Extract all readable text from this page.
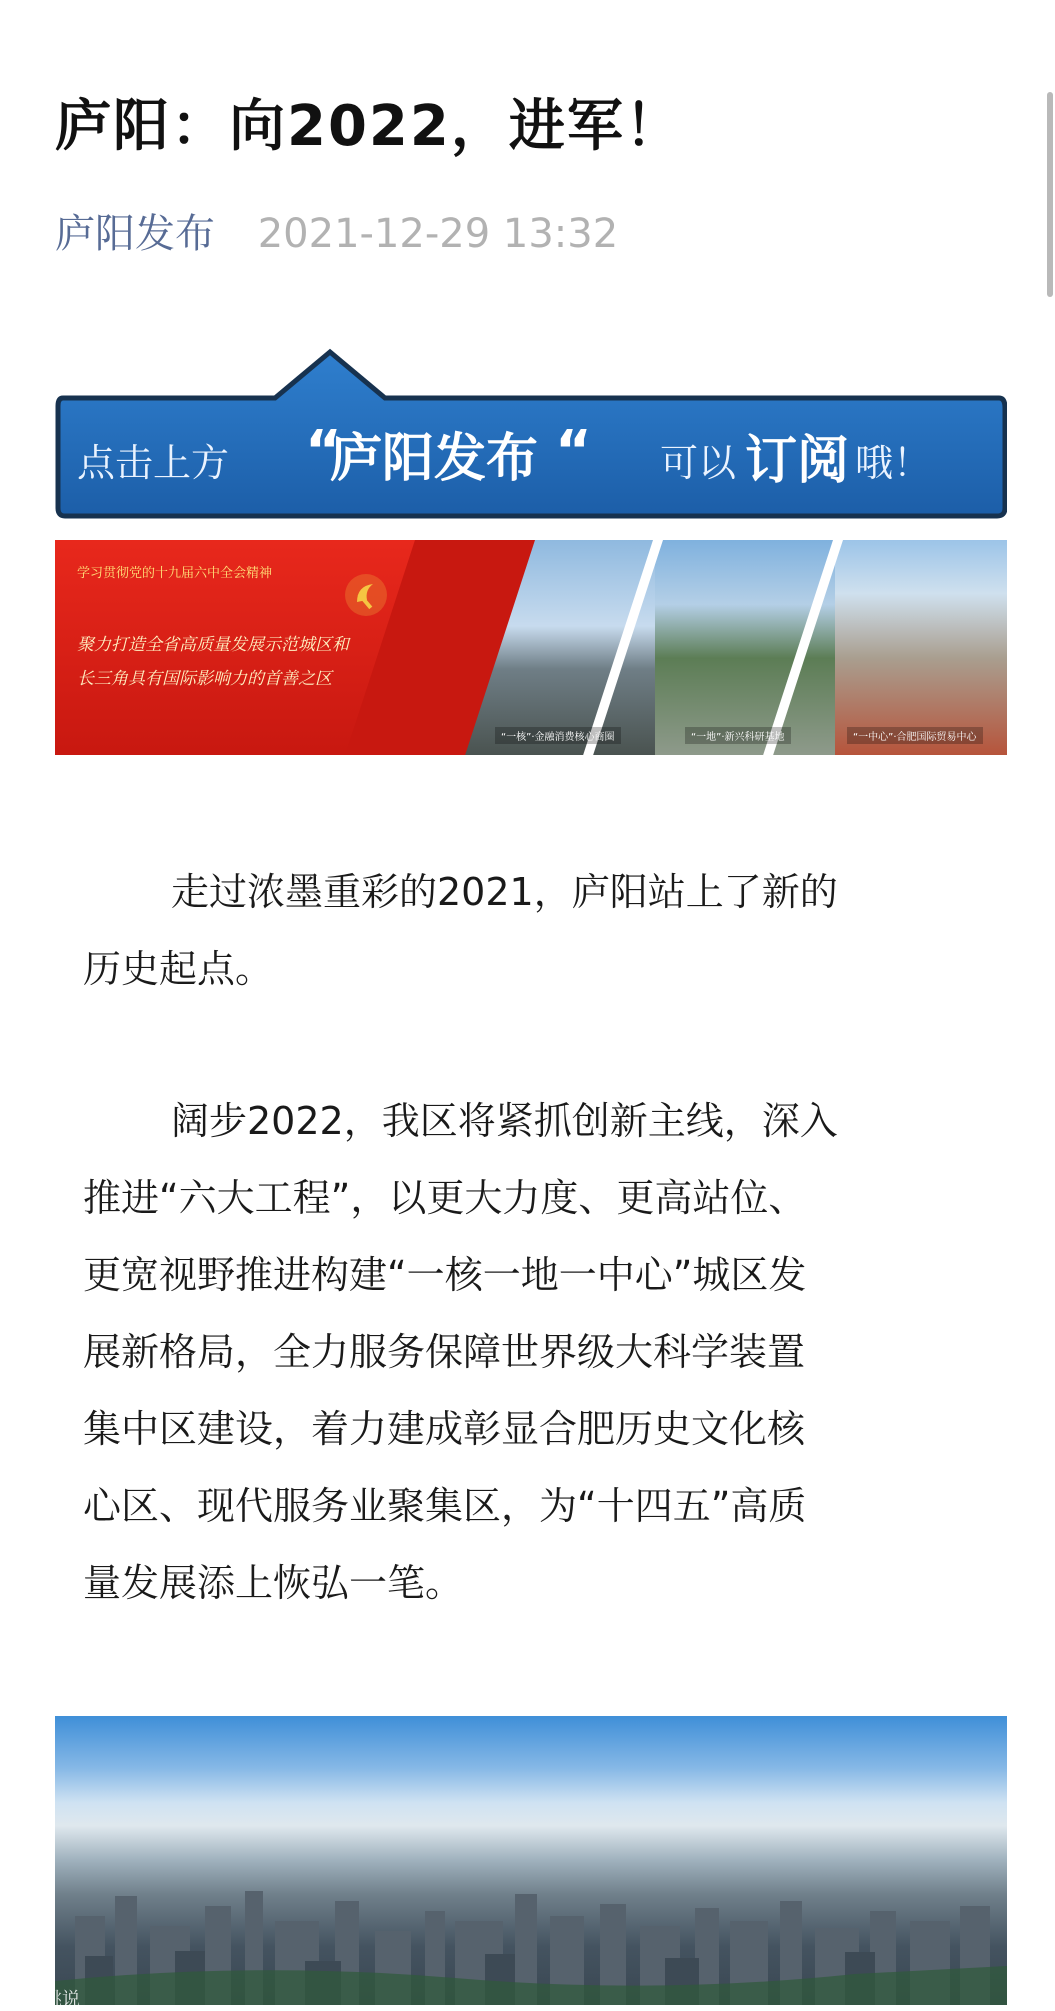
庐阳：向2022，进军！
庐阳发布 2021-12-29 13:32
点击上方 “
庐阳发布 “ 可以 订阅 哦！
学习贯彻党的十九届六中全会精神
聚力打造全省高质量发展示范城区和
长三角具有国际影响力的首善之区
“一核”·金融消费核心商圈	“一地”·新兴科研基地	“一中心”·合肥国际贸易中心
走过浓墨重彩的2021，庐阳站上了新的
历史起点。
阔步2022，我区将紧抓创新主线，深入
推进“六大工程”，以更大力度、更高站位、
更宽视野推进构建“一核一地一中心”城区发
展新格局，全力服务保障世界级大科学装置
集中区建设，着力建成彰显合肥历史文化核
心区、现代服务业聚集区，为“十四五”高质
量发展添上恢弘一笔。
大数跳说
